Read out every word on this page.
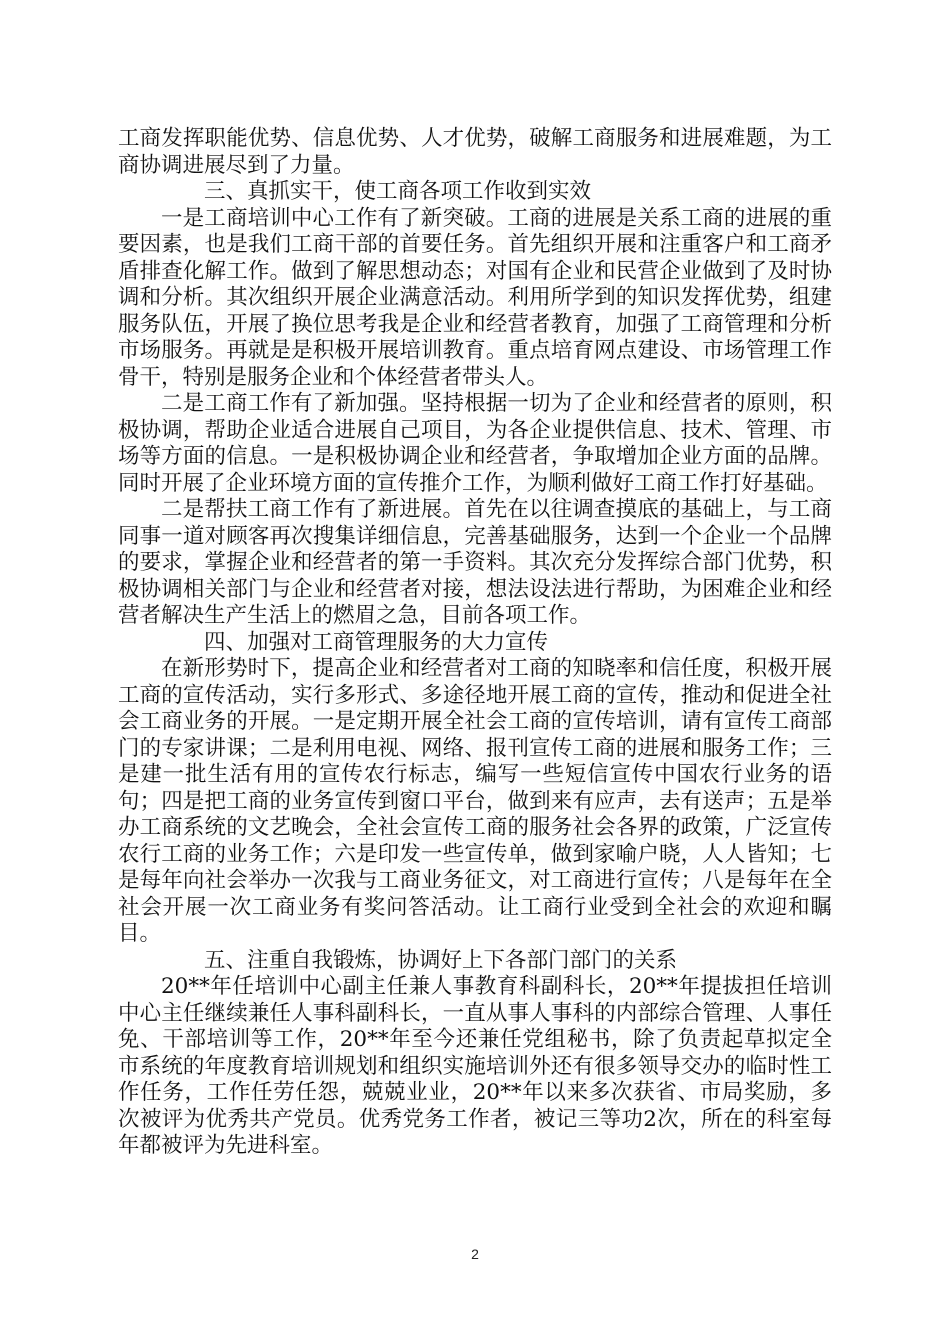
工商发挥职能优势、信息优势、人才优势，破解工商服务和进展难题，为工商协调进展尽到了力量。

三、真抓实干，使工商各项工作收到实效

一是工商培训中心工作有了新突破。工商的进展是关系工商的进展的重要因素，也是我们工商干部的首要任务。首先组织开展和注重客户和工商矛盾排查化解工作。做到了解思想动态；对国有企业和民营企业做到了及时协调和分析。其次组织开展企业满意活动。利用所学到的知识发挥优势，组建服务队伍，开展了换位思考我是企业和经营者教育，加强了工商管理和分析市场服务。再就是是积极开展培训教育。重点培育网点建设、市场管理工作骨干，特别是服务企业和个体经营者带头人。

二是工商工作有了新加强。坚持根据一切为了企业和经营者的原则，积极协调，帮助企业适合进展自己项目，为各企业提供信息、技术、管理、市场等方面的信息。一是积极协调企业和经营者，争取增加企业方面的品牌。同时开展了企业环境方面的宣传推介工作，为顺利做好工商工作打好基础。

二是帮扶工商工作有了新进展。首先在以往调查摸底的基础上，与工商同事一道对顾客再次搜集详细信息，完善基础服务，达到一个企业一个品牌的要求，掌握企业和经营者的第一手资料。其次充分发挥综合部门优势，积极协调相关部门与企业和经营者对接，想法设法进行帮助，为困难企业和经营者解决生产生活上的燃眉之急，目前各项工作。

四、加强对工商管理服务的大力宣传

在新形势时下，提高企业和经营者对工商的知晓率和信任度，积极开展工商的宣传活动，实行多形式、多途径地开展工商的宣传，推动和促进全社会工商业务的开展。一是定期开展全社会工商的宣传培训，请有宣传工商部门的专家讲课；二是利用电视、网络、报刊宣传工商的进展和服务工作；三是建一批生活有用的宣传农行标志，编写一些短信宣传中国农行业务的语句；四是把工商的业务宣传到窗口平台，做到来有应声，去有送声；五是举办工商系统的文艺晚会，全社会宣传工商的服务社会各界的政策，广泛宣传农行工商的业务工作；六是印发一些宣传单，做到家喻户晓，人人皆知；七是每年向社会举办一次我与工商业务征文，对工商进行宣传；八是每年在全社会开展一次工商业务有奖问答活动。让工商行业受到全社会的欢迎和瞩目。

五、注重自我锻炼，协调好上下各部门部门的关系

20**年任培训中心副主任兼人事教育科副科长，20**年提拔担任培训中心主任继续兼任人事科副科长，一直从事人事科的内部综合管理、人事任免、干部培训等工作，20**年至今还兼任党组秘书，除了负责起草拟定全市系统的年度教育培训规划和组织实施培训外还有很多领导交办的临时性工作任务，工作任劳任怨，兢兢业业，20**年以来多次获省、市局奖励，多次被评为优秀共产党员。优秀党务工作者，被记三等功2次，所在的科室每年都被评为先进科室。

2
